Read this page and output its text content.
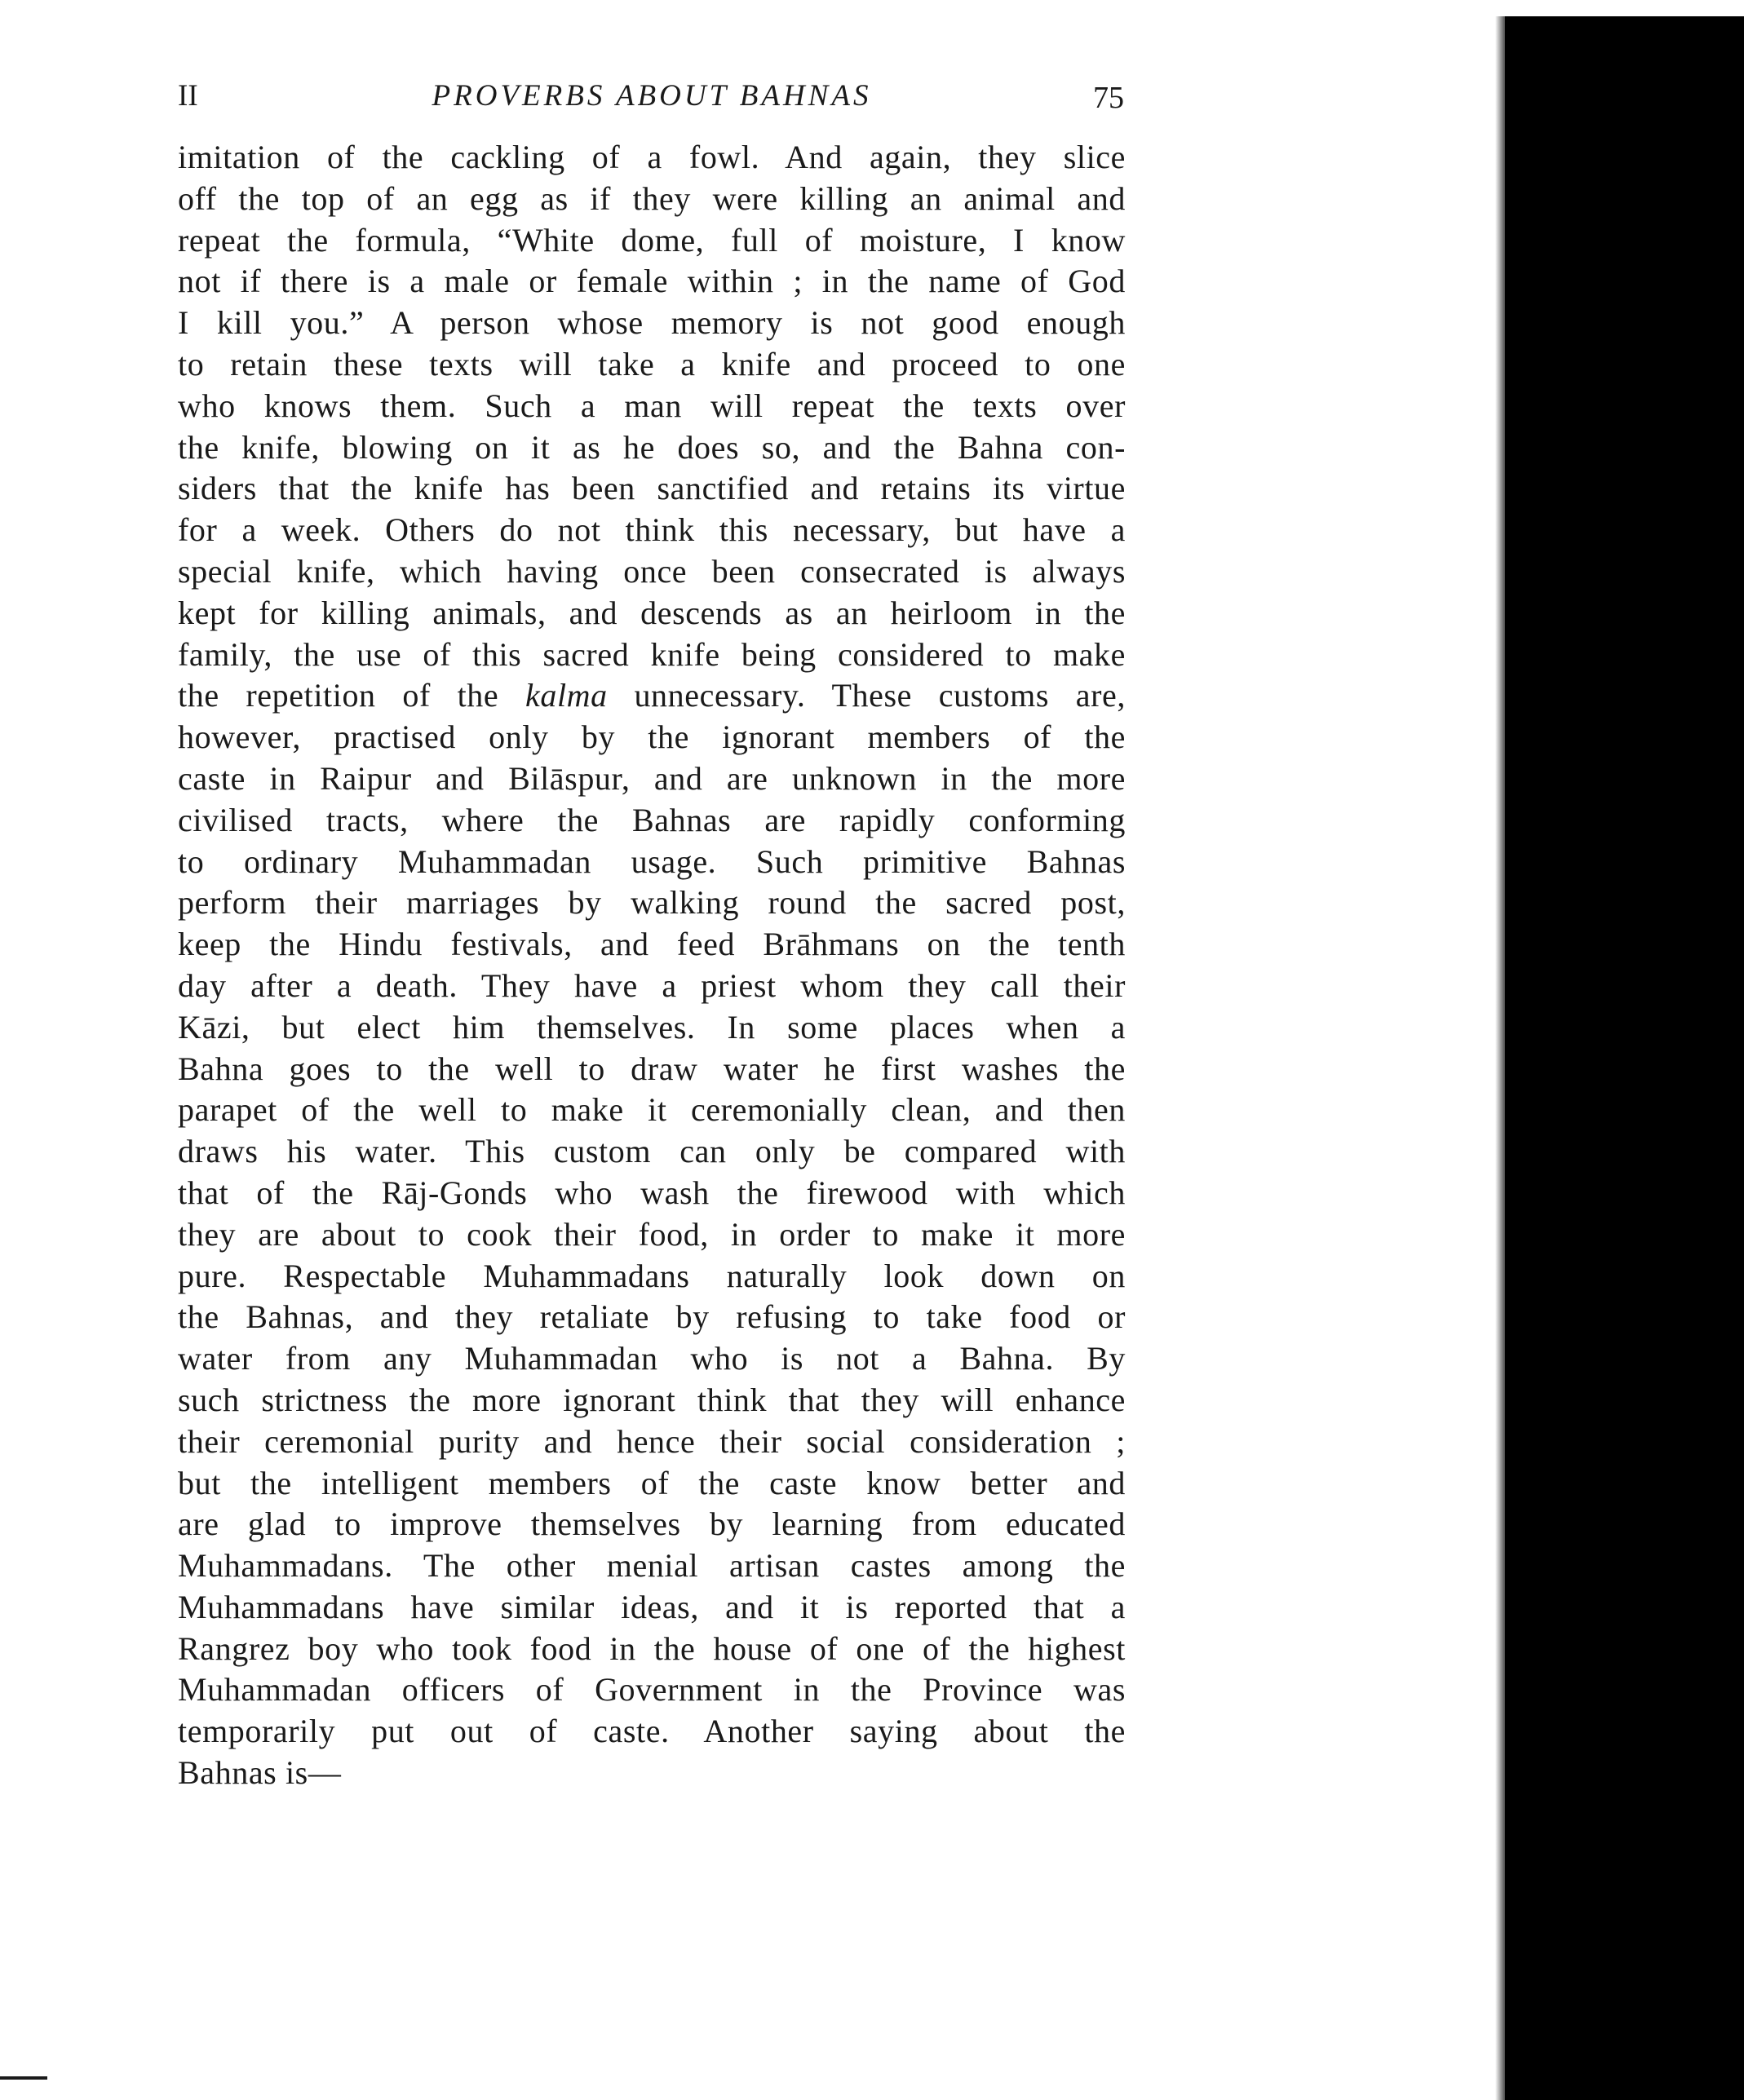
II	PROVERBS ABOUT BAHNAS	75
imitation of the cackling of a fowl. And again, they slice
off the top of an egg as if they were killing an animal and
repeat the formula, “White dome, full of moisture, I know
not if there is a male or female within ; in the name of God
I kill you.” A person whose memory is not good enough
to retain these texts will take a knife and proceed to one
who knows them. Such a man will repeat the texts over
the knife, blowing on it as he does so, and the Bahna con-
siders that the knife has been sanctified and retains its virtue
for a week. Others do not think this necessary, but have a
special knife, which having once been consecrated is always
kept for killing animals, and descends as an heirloom in the
family, the use of this sacred knife being considered to make
the repetition of the kalma unnecessary. These customs are,
however, practised only by the ignorant members of the
caste in Raipur and Bilāspur, and are unknown in the more
civilised tracts, where the Bahnas are rapidly conforming
to ordinary Muhammadan usage. Such primitive Bahnas
perform their marriages by walking round the sacred post,
keep the Hindu festivals, and feed Brāhmans on the tenth
day after a death. They have a priest whom they call their
Kāzi, but elect him themselves. In some places when a
Bahna goes to the well to draw water he first washes the
parapet of the well to make it ceremonially clean, and then
draws his water. This custom can only be compared with
that of the Rāj-Gonds who wash the firewood with which
they are about to cook their food, in order to make it more
pure. Respectable Muhammadans naturally look down on
the Bahnas, and they retaliate by refusing to take food or
water from any Muhammadan who is not a Bahna. By
such strictness the more ignorant think that they will enhance
their ceremonial purity and hence their social consideration ;
but the intelligent members of the caste know better and
are glad to improve themselves by learning from educated
Muhammadans. The other menial artisan castes among the
Muhammadans have similar ideas, and it is reported that a
Rangrez boy who took food in the house of one of the highest
Muhammadan officers of Government in the Province was
temporarily put out of caste. Another saying about the
Bahnas is—
